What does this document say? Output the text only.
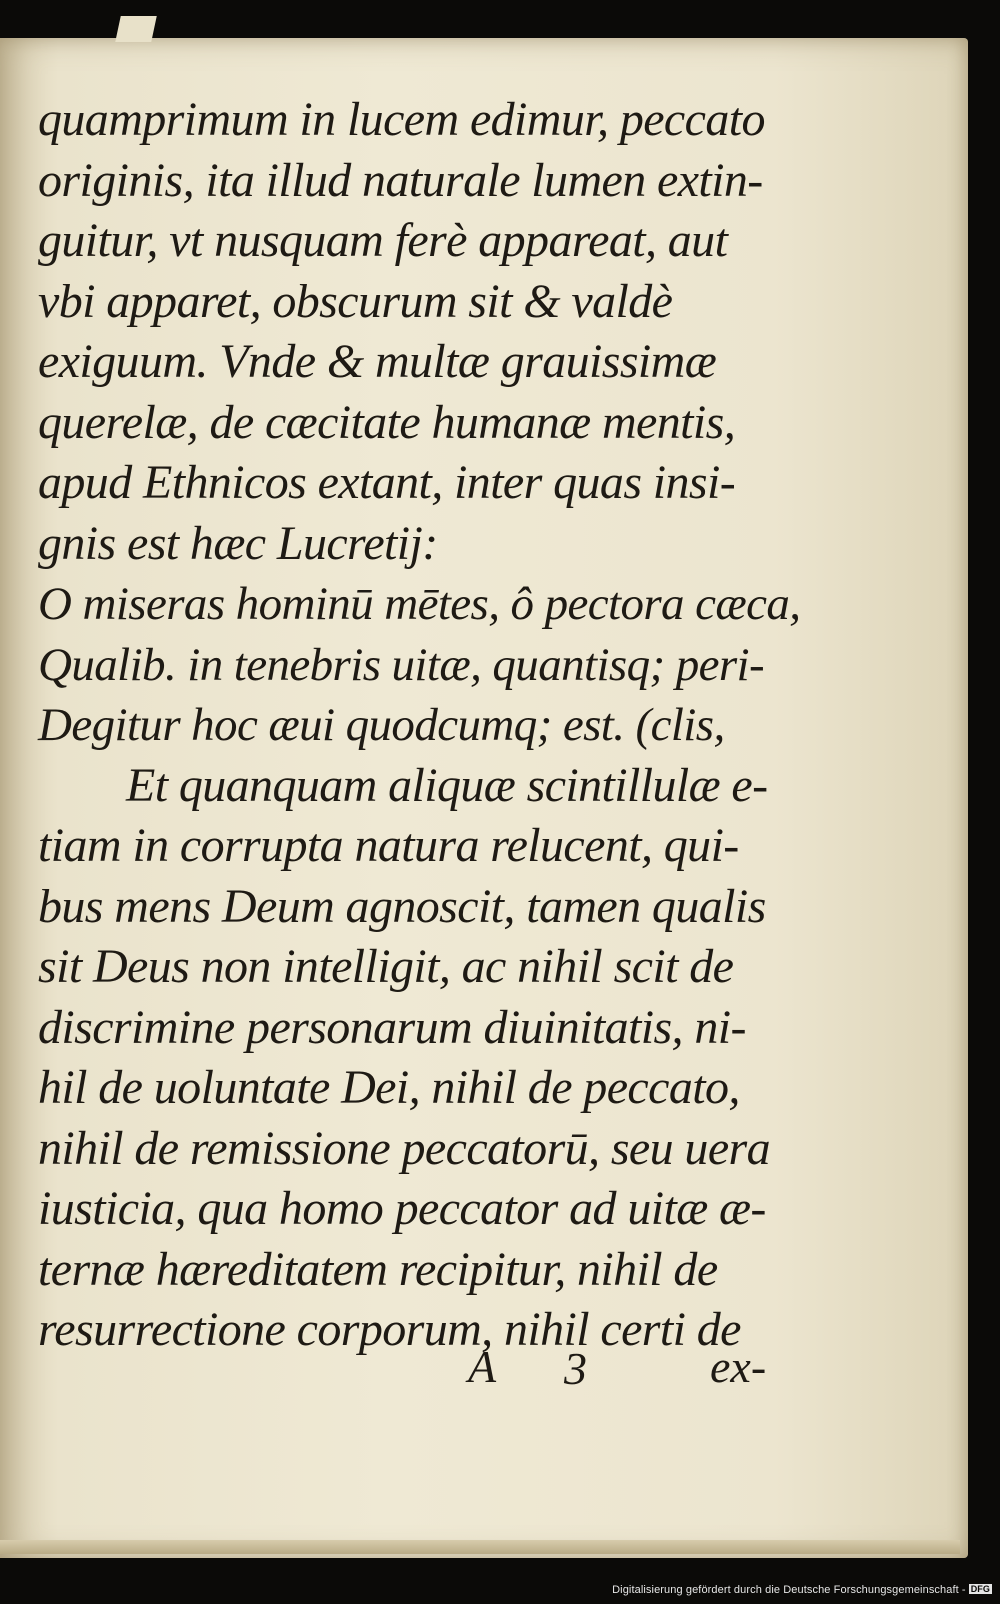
quamprimum in lucem edimur, peccato
originis, ita illud naturale lumen extin-
guitur, vt nusquam ferè appareat, aut
vbi apparet, obscurum sit & valdè
exiguum. Vnde & multæ grauissimæ
querelæ, de cæcitate humanæ mentis,
apud Ethnicos extant, inter quas insi-
gnis est hæc Lucretij:
O miseras hominū mētes, ô pectora cæca,
Qualib. in tenebris uitæ, quantisq; peri-
Degitur hoc æui quodcumq; est. (clis,
Et quanquam aliquæ scintillulæ e-
tiam in corrupta natura relucent, qui-
bus mens Deum agnoscit, tamen qualis
sit Deus non intelligit, ac nihil scit de
discrimine personarum diuinitatis, ni-
hil de uoluntate Dei, nihil de peccato,
nihil de remissione peccatorū, seu uera
iusticia, qua homo peccator ad uitæ æ-
ternæ hæreditatem recipitur, nihil de
resurrectione corporum, nihil certi de
A 3	ex-
Digitalisierung gefördert durch die Deutsche Forschungsgemeinschaft - DFG
